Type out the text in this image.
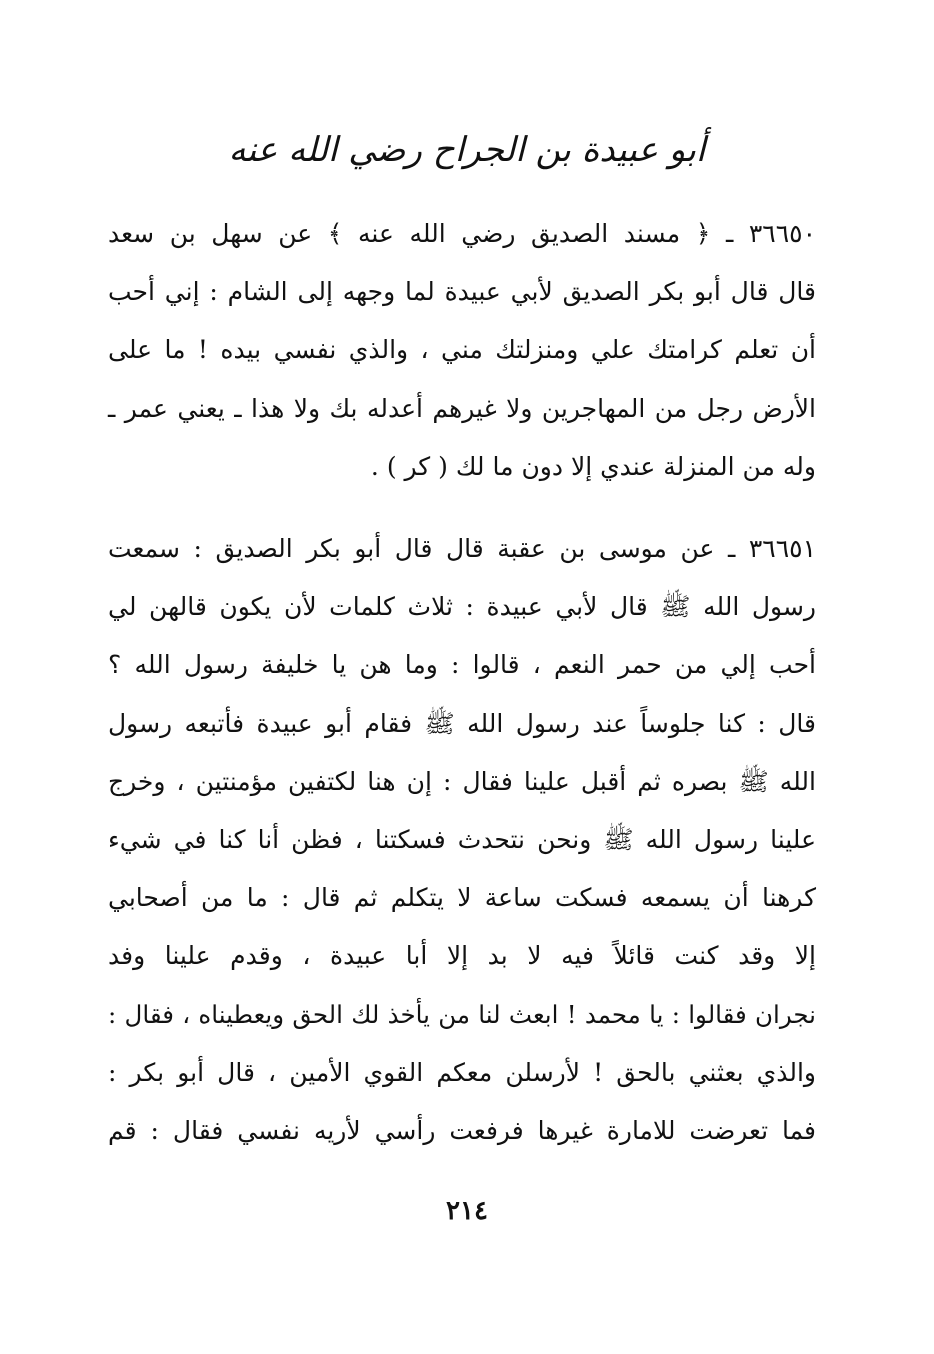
أبو عبيدة بن الجراح رضي الله عنه
٣٦٦٥٠ ـ ﴿ مسند الصديق رضي الله عنه ﴾ عن سهل بن سعد
قال قال أبو بكر الصديق لأبي عبيدة لما وجهه إلى الشام : إني أحب
أن تعلم كرامتك علي ومنزلتك مني ، والذي نفسي بيده ! ما على
الأرض رجل من المهاجرين ولا غيرهم أعدله بك ولا هذا ـ يعني عمر ـ
وله من المنزلة عندي إلا دون ما لك ( كر ) .
٣٦٦٥١ ـ عن موسى بن عقبة قال قال أبو بكر الصديق : سمعت
رسول الله ﷺ قال لأبي عبيدة : ثلاث كلمات لأن يكون قالهن لي
أحب إلي من حمر النعم ، قالوا : وما هن يا خليفة رسول الله ؟
قال : كنا جلوساً عند رسول الله ﷺ فقام أبو عبيدة فأتبعه رسول
الله ﷺ بصره ثم أقبل علينا فقال : إن هنا لكتفين مؤمنتين ، وخرج
علينا رسول الله ﷺ ونحن نتحدث فسكتنا ، فظن أنا كنا في شيء
كرهنا أن يسمعه فسكت ساعة لا يتكلم ثم قال : ما من أصحابي
إلا وقد كنت قائلاً فيه لا بد إلا أبا عبيدة ، وقدم علينا وفد
نجران فقالوا : يا محمد ! ابعث لنا من يأخذ لك الحق ويعطيناه ، فقال :
والذي بعثني بالحق ! لأرسلن معكم القوي الأمين ، قال أبو بكر :
فما تعرضت للامارة غيرها فرفعت رأسي لأريه نفسي فقال : قم
٢١٤
